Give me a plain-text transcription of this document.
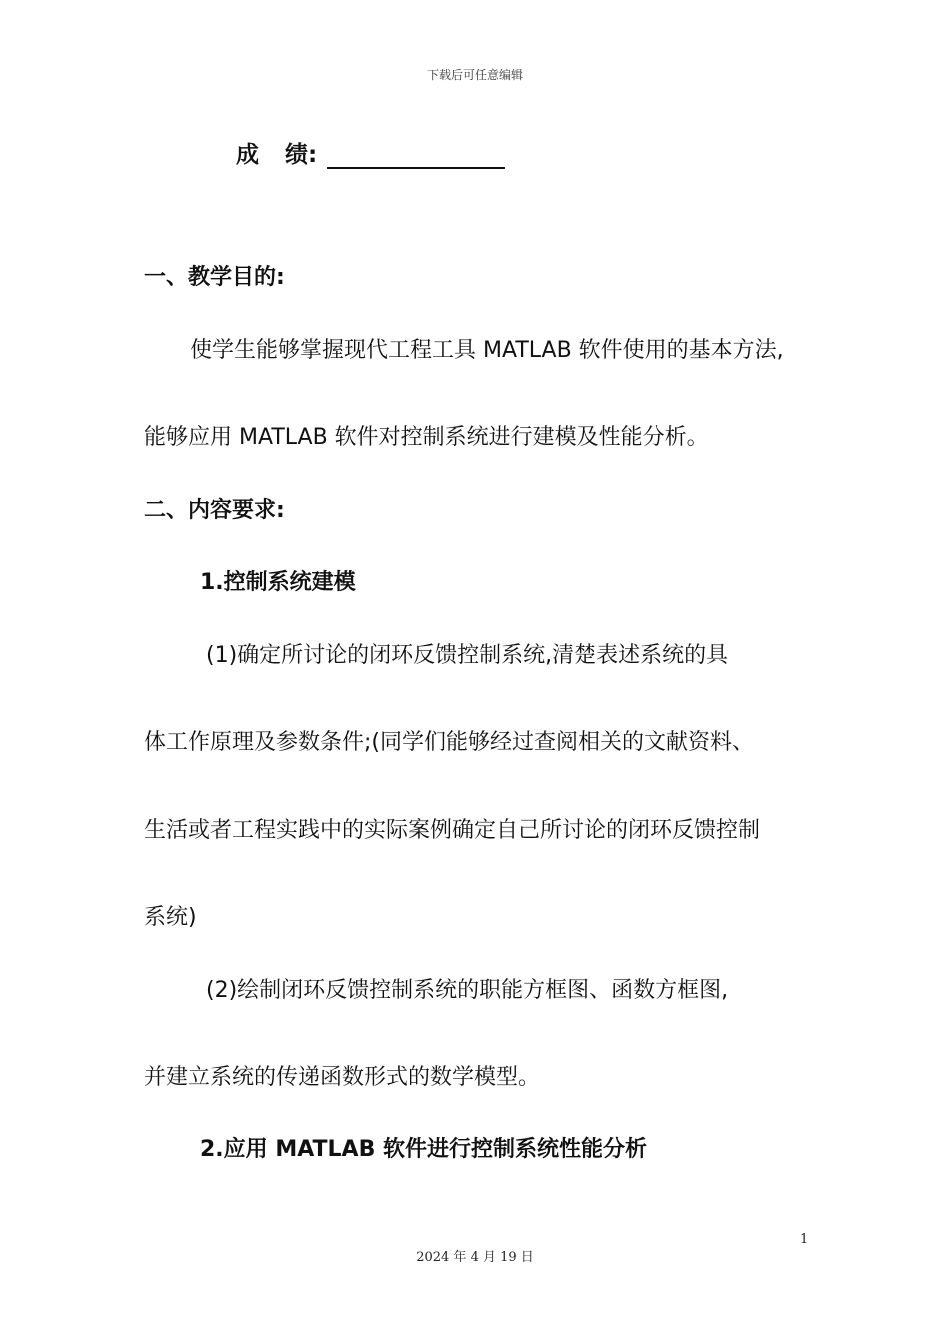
下载后可任意编辑
成 绩:
一、教学目的:
使学生能够掌握现代工程工具 MATLAB 软件使用的基本方法,
能够应用 MATLAB 软件对控制系统进行建模及性能分析。
二、内容要求:
1.控制系统建模
(1)确定所讨论的闭环反馈控制系统,清楚表述系统的具
体工作原理及参数条件;(同学们能够经过查阅相关的文献资料、
生活或者工程实践中的实际案例确定自己所讨论的闭环反馈控制
系统)
(2)绘制闭环反馈控制系统的职能方框图、函数方框图,
并建立系统的传递函数形式的数学模型。
2.应用 MATLAB 软件进行控制系统性能分析
1
2024 年 4 月 19 日
